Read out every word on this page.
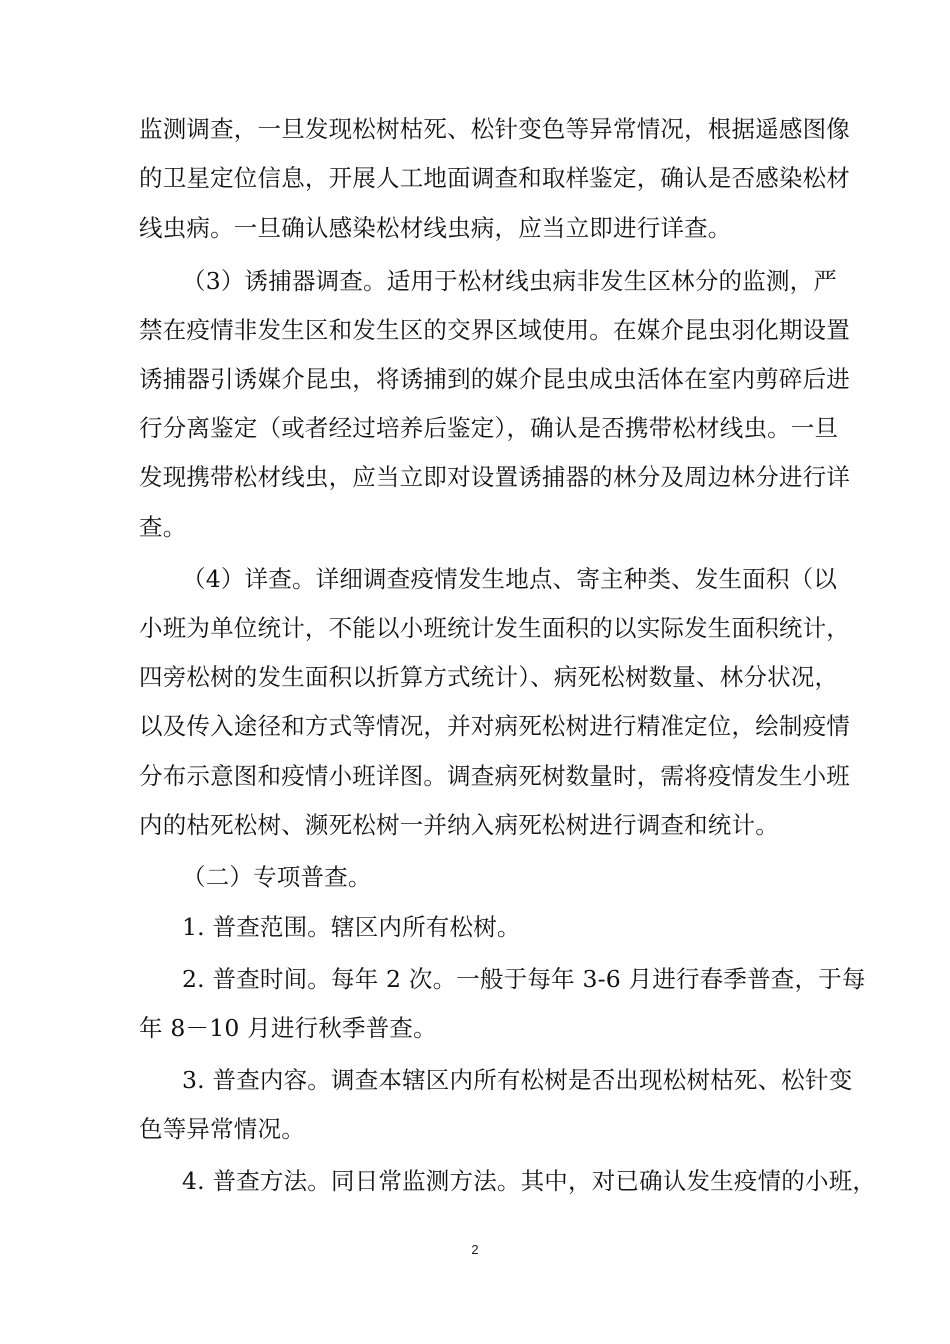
监测调查，一旦发现松树枯死、松针变色等异常情况，根据遥感图像
的卫星定位信息，开展人工地面调查和取样鉴定，确认是否感染松材
线虫病。一旦确认感染松材线虫病，应当立即进行详查。
（3）诱捕器调查。适用于松材线虫病非发生区林分的监测，严
禁在疫情非发生区和发生区的交界区域使用。在媒介昆虫羽化期设置
诱捕器引诱媒介昆虫，将诱捕到的媒介昆虫成虫活体在室内剪碎后进
行分离鉴定（或者经过培养后鉴定），确认是否携带松材线虫。一旦
发现携带松材线虫，应当立即对设置诱捕器的林分及周边林分进行详
查。
（4）详查。详细调查疫情发生地点、寄主种类、发生面积（以
小班为单位统计，不能以小班统计发生面积的以实际发生面积统计，
四旁松树的发生面积以折算方式统计）、病死松树数量、林分状况，
以及传入途径和方式等情况，并对病死松树进行精准定位，绘制疫情
分布示意图和疫情小班详图。调查病死树数量时，需将疫情发生小班
内的枯死松树、濒死松树一并纳入病死松树进行调查和统计。
（二）专项普查。
1. 普查范围。辖区内所有松树。
2. 普查时间。每年 2 次。一般于每年 3-6 月进行春季普查，于每
年 8－10 月进行秋季普查。
3. 普查内容。调查本辖区内所有松树是否出现松树枯死、松针变
色等异常情况。
4. 普查方法。同日常监测方法。其中，对已确认发生疫情的小班，
2
